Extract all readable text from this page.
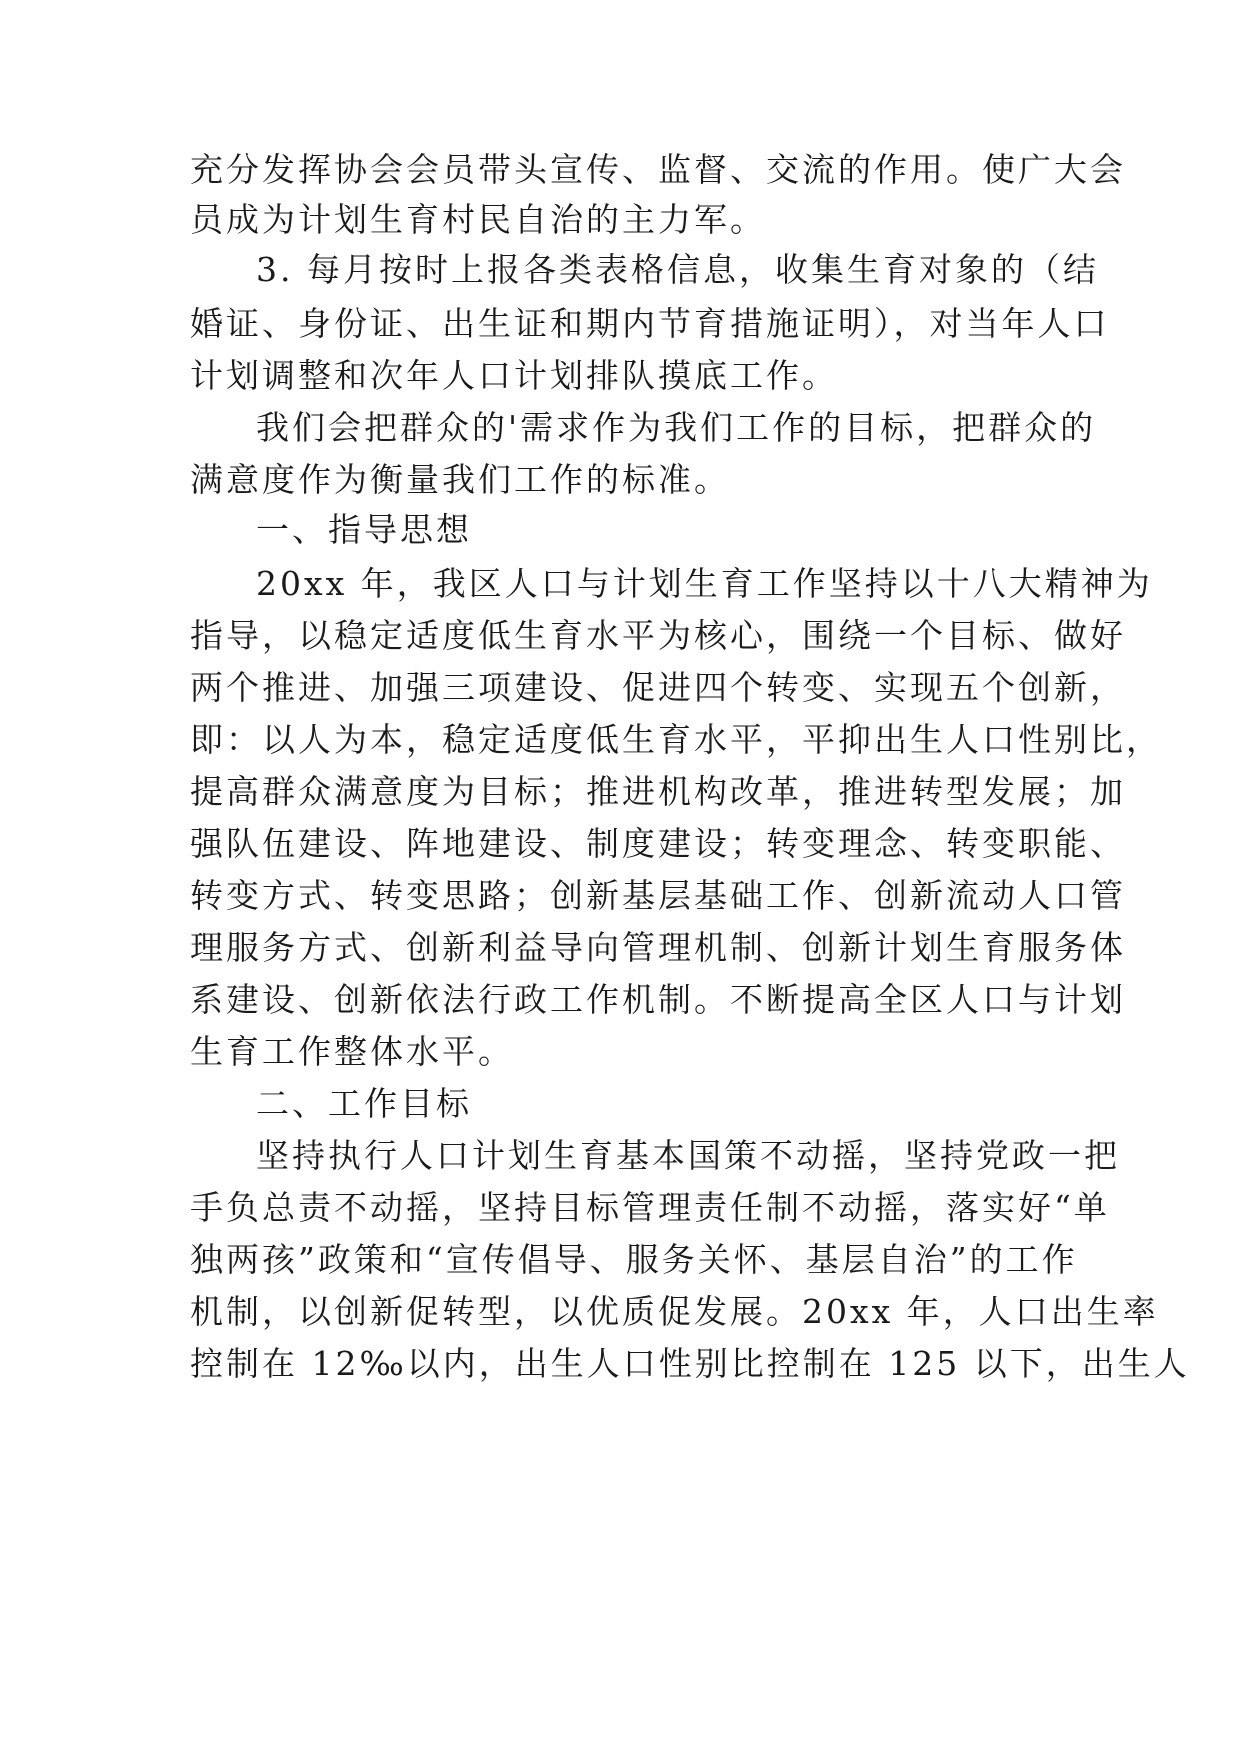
充分发挥协会会员带头宣传、监督、交流的作用。使广大会
员成为计划生育村民自治的主力军。
3. 每月按时上报各类表格信息，收集生育对象的（结
婚证、身份证、出生证和期内节育措施证明），对当年人口
计划调整和次年人口计划排队摸底工作。
我们会把群众的'需求作为我们工作的目标，把群众的
满意度作为衡量我们工作的标准。
一、指导思想
20xx 年，我区人口与计划生育工作坚持以十八大精神为
指导，以稳定适度低生育水平为核心，围绕一个目标、做好
两个推进、加强三项建设、促进四个转变、实现五个创新，
即：以人为本，稳定适度低生育水平，平抑出生人口性别比，
提高群众满意度为目标；推进机构改革，推进转型发展；加
强队伍建设、阵地建设、制度建设；转变理念、转变职能、
转变方式、转变思路；创新基层基础工作、创新流动人口管
理服务方式、创新利益导向管理机制、创新计划生育服务体
系建设、创新依法行政工作机制。不断提高全区人口与计划
生育工作整体水平。
二、工作目标
坚持执行人口计划生育基本国策不动摇，坚持党政一把
手负总责不动摇，坚持目标管理责任制不动摇，落实好“单
独两孩”政策和“宣传倡导、服务关怀、基层自治”的工作
机制，以创新促转型，以优质促发展。20xx 年，人口出生率
控制在 12‰以内，出生人口性别比控制在 125 以下，出生人
